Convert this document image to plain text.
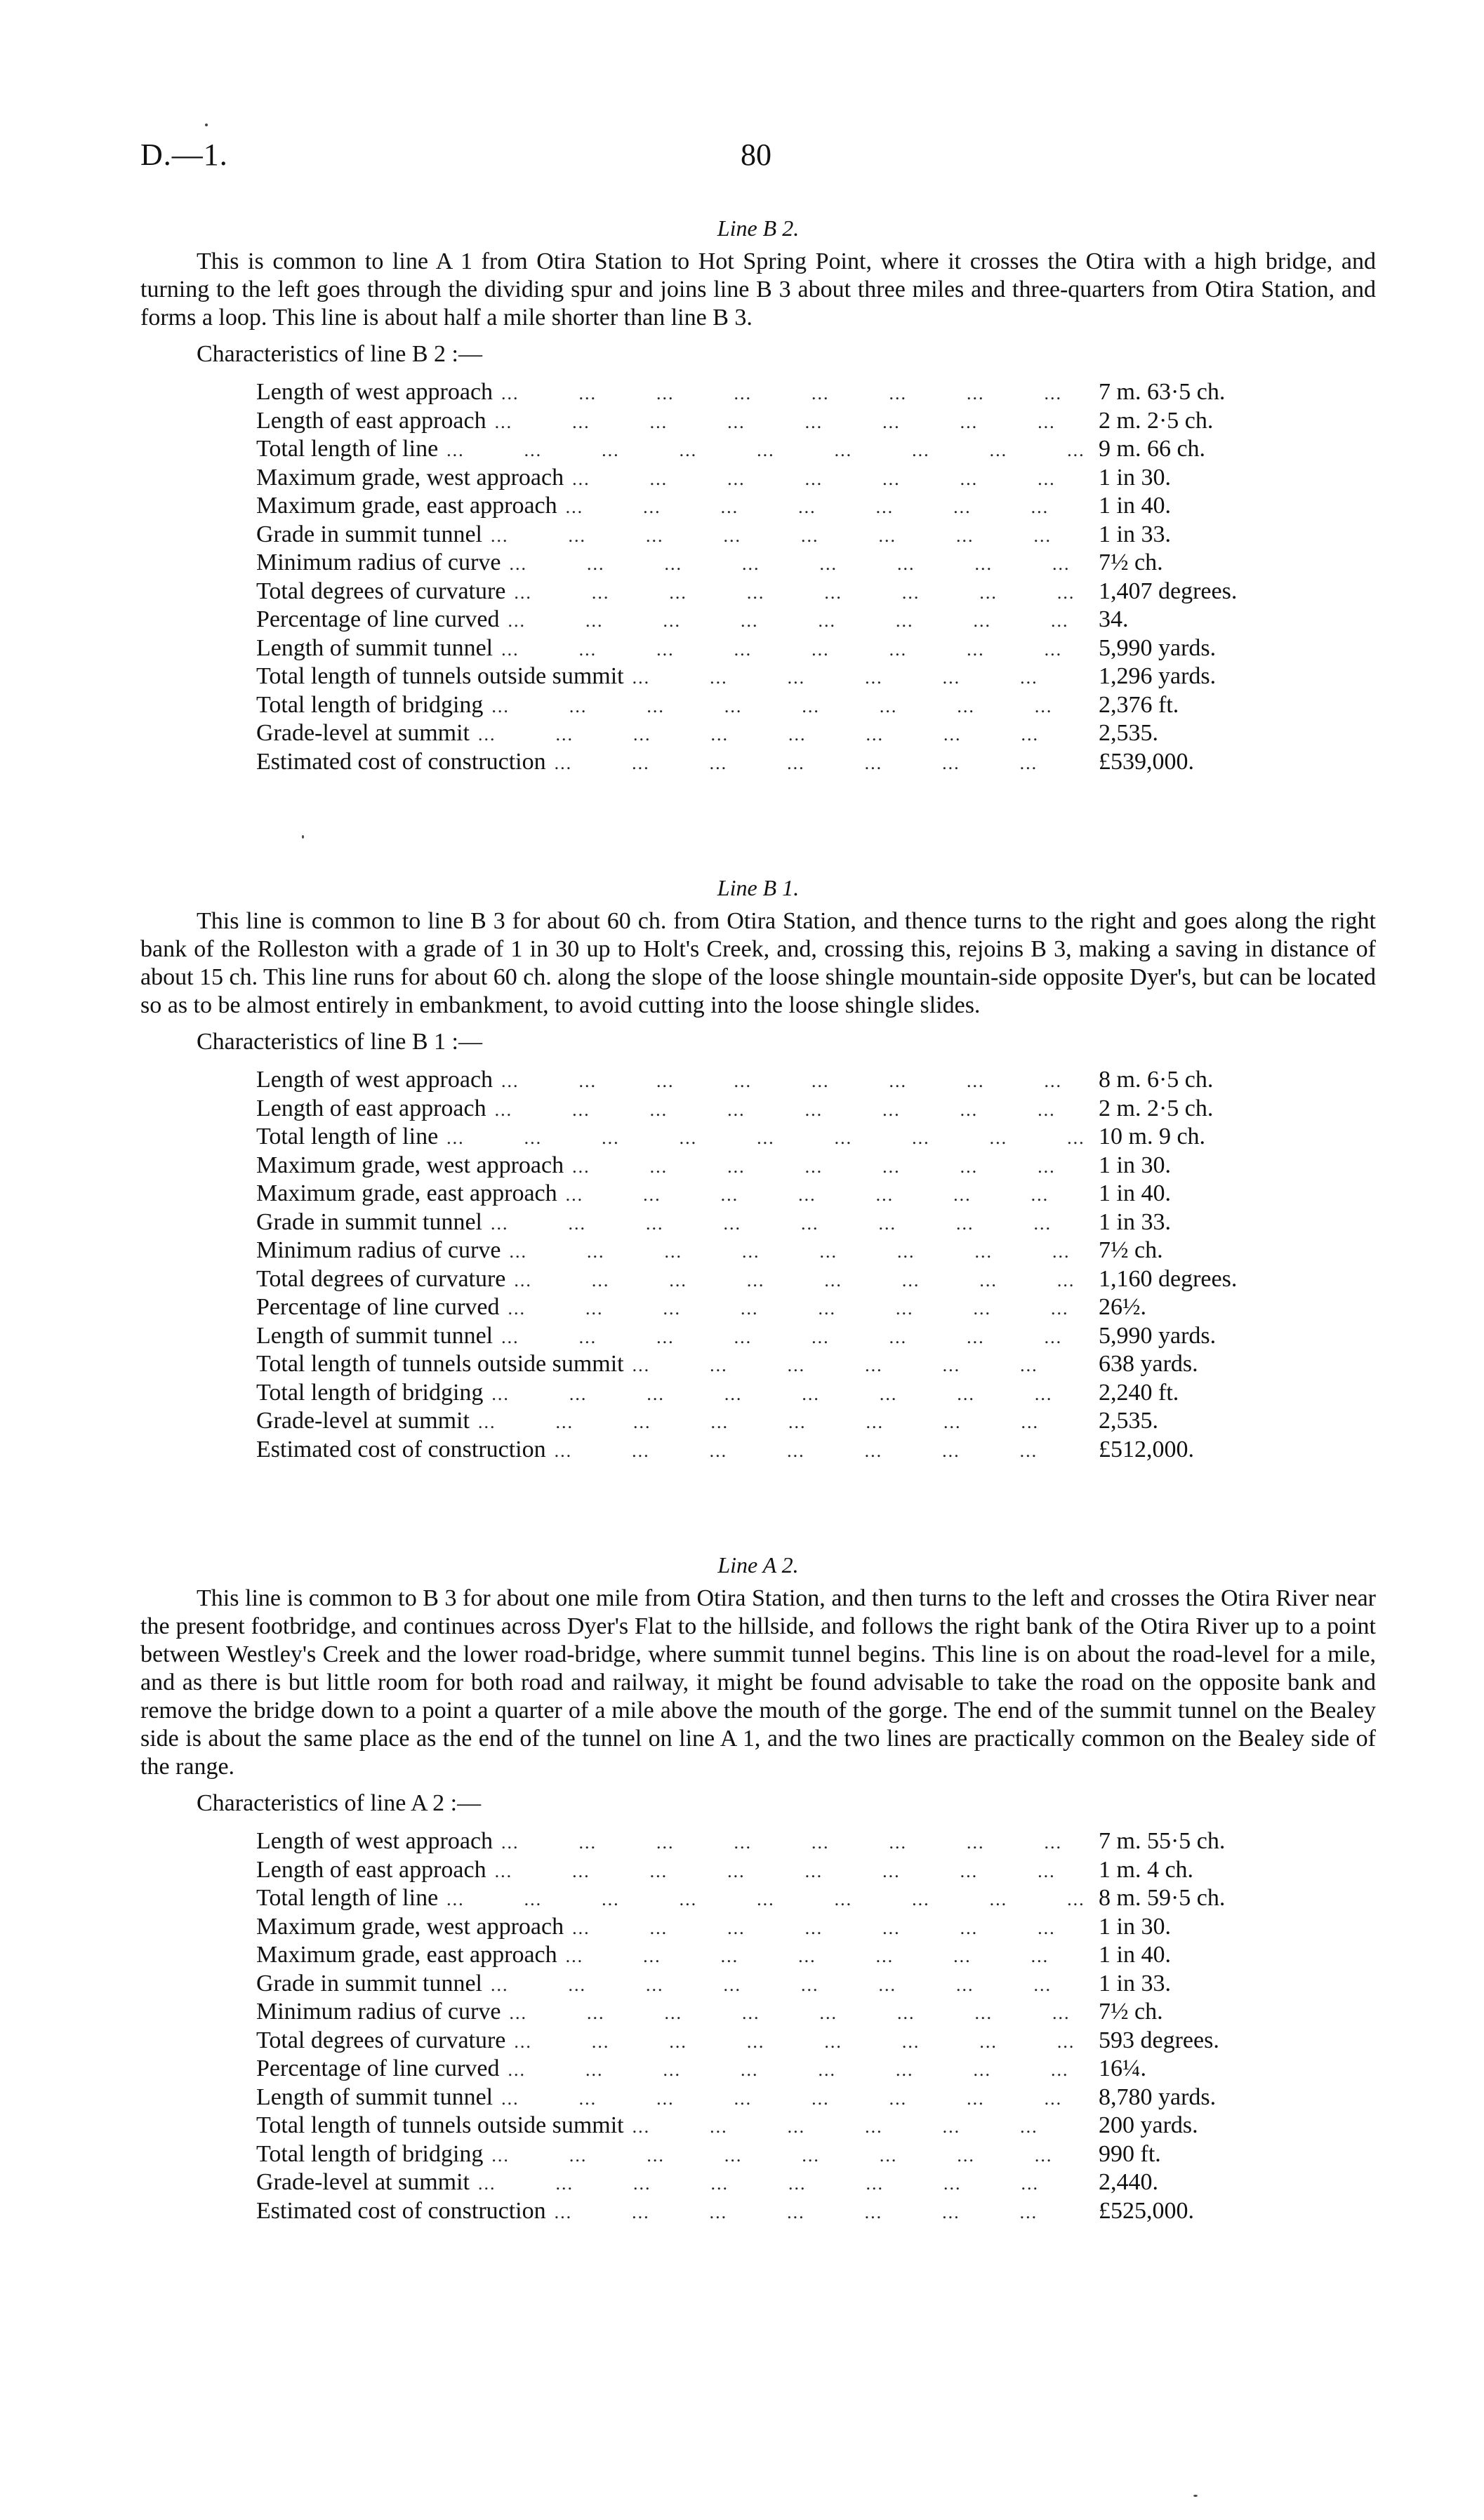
D.—1.	80
Line B 2.

This is common to line A 1 from Otira Station to Hot Spring Point, where it crosses the Otira with a high bridge, and turning to the left goes through the dividing spur and joins line B 3 about three miles and three-quarters from Otira Station, and forms a loop. This line is about half a mile shorter than line B 3.

Characteristics of line B 2 :—
Length of west approach ...	7 m. 63·5 ch.
Length of east approach ...	2 m. 2·5 ch.
Total length of line ...	9 m. 66 ch.
Maximum grade, west approach ...	1 in 30.
Maximum grade, east approach ...	1 in 40.
Grade in summit tunnel ...	1 in 33.
Minimum radius of curve ...	7½ ch.
Total degrees of curvature ...	1,407 degrees.
Percentage of line curved ...	34.
Length of summit tunnel ...	5,990 yards.
Total length of tunnels outside summit ...	1,296 yards.
Total length of bridging ...	2,376 ft.
Grade-level at summit ...	2,535.
Estimated cost of construction ...	£539,000.
Line B 1.

This line is common to line B 3 for about 60 ch. from Otira Station, and thence turns to the right and goes along the right bank of the Rolleston with a grade of 1 in 30 up to Holt's Creek, and, crossing this, rejoins B 3, making a saving in distance of about 15 ch. This line runs for about 60 ch. along the slope of the loose shingle mountain-side opposite Dyer's, but can be located so as to be almost entirely in embankment, to avoid cutting into the loose shingle slides.

Characteristics of line B 1 :—
Length of west approach ...	8 m. 6·5 ch.
Length of east approach ...	2 m. 2·5 ch.
Total length of line ...	10 m. 9 ch.
Maximum grade, west approach ...	1 in 30.
Maximum grade, east approach ...	1 in 40.
Grade in summit tunnel ...	1 in 33.
Minimum radius of curve ...	7½ ch.
Total degrees of curvature ...	1,160 degrees.
Percentage of line curved ...	26½.
Length of summit tunnel ...	5,990 yards.
Total length of tunnels outside summit ...	638 yards.
Total length of bridging ...	2,240 ft.
Grade-level at summit ...	2,535.
Estimated cost of construction ...	£512,000.
Line A 2.

This line is common to B 3 for about one mile from Otira Station, and then turns to the left and crosses the Otira River near the present footbridge, and continues across Dyer's Flat to the hillside, and follows the right bank of the Otira River up to a point between Westley's Creek and the lower road-bridge, where summit tunnel begins. This line is on about the road-level for a mile, and as there is but little room for both road and railway, it might be found advisable to take the road on the opposite bank and remove the bridge down to a point a quarter of a mile above the mouth of the gorge. The end of the summit tunnel on the Bealey side is about the same place as the end of the tunnel on line A 1, and the two lines are practically common on the Bealey side of the range.

Characteristics of line A 2 :—
Length of west approach ...	7 m. 55·5 ch.
Length of east approach ...	1 m. 4 ch.
Total length of line ...	8 m. 59·5 ch.
Maximum grade, west approach ...	1 in 30.
Maximum grade, east approach ...	1 in 40.
Grade in summit tunnel ...	1 in 33.
Minimum radius of curve ...	7½ ch.
Total degrees of curvature ...	593 degrees.
Percentage of line curved ...	16¼.
Length of summit tunnel ...	8,780 yards.
Total length of tunnels outside summit ...	200 yards.
Total length of bridging ...	990 ft.
Grade-level at summit ...	2,440.
Estimated cost of construction ...	£525,000.
